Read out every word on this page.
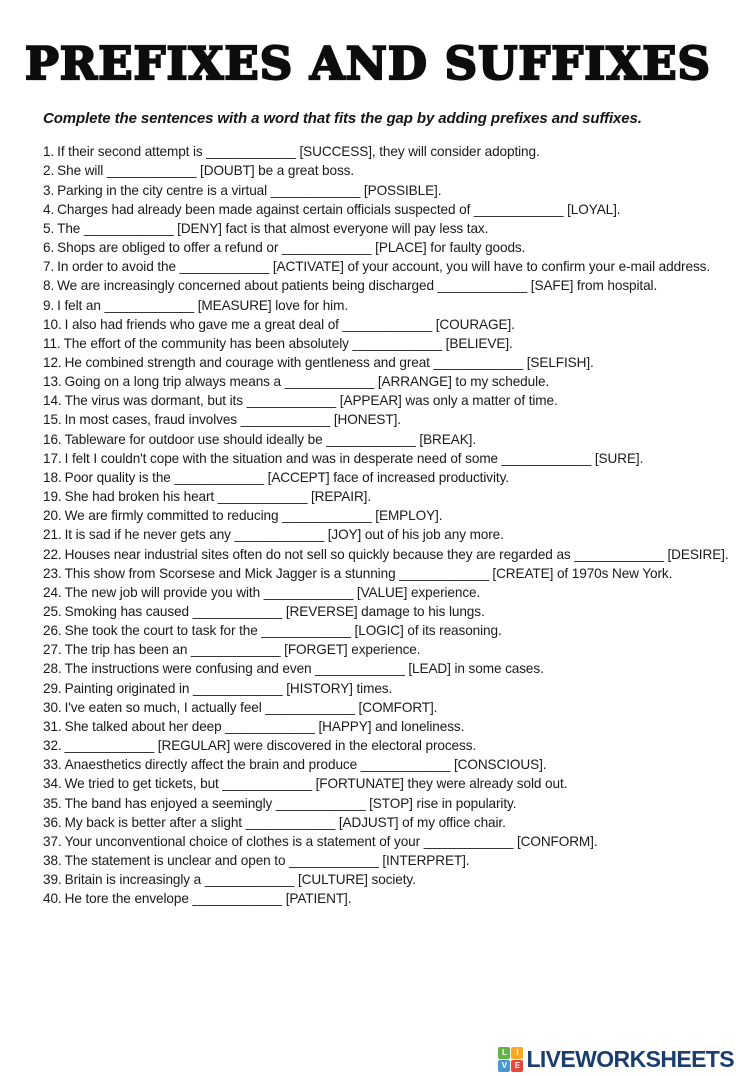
PREFIXES AND SUFFIXES

Complete the sentences with a word that fits the gap by adding prefixes and suffixes.

1. If their second attempt is ____________ [SUCCESS], they will consider adopting.
2. She will ____________ [DOUBT] be a great boss.
3. Parking in the city centre is a virtual ____________ [POSSIBLE].
4. Charges had already been made against certain officials suspected of ____________ [LOYAL].
5. The ____________ [DENY] fact is that almost everyone will pay less tax.
6. Shops are obliged to offer a refund or ____________ [PLACE] for faulty goods.
7. In order to avoid the ____________ [ACTIVATE] of your account, you will have to confirm your e-mail address.
8. We are increasingly concerned about patients being discharged ____________ [SAFE] from hospital.
9. I felt an ____________ [MEASURE] love for him.
10. I also had friends who gave me a great deal of ____________ [COURAGE].
11. The effort of the community has been absolutely ____________ [BELIEVE].
12. He combined strength and courage with gentleness and great ____________ [SELFISH].
13. Going on a long trip always means a ____________ [ARRANGE] to my schedule.
14. The virus was dormant, but its ____________ [APPEAR] was only a matter of time.
15. In most cases, fraud involves ____________ [HONEST].
16. Tableware for outdoor use should ideally be ____________ [BREAK].
17. I felt I couldn't cope with the situation and was in desperate need of some ____________ [SURE].
18. Poor quality is the ____________ [ACCEPT] face of increased productivity.
19. She had broken his heart ____________ [REPAIR].
20. We are firmly committed to reducing ____________ [EMPLOY].
21. It is sad if he never gets any ____________ [JOY] out of his job any more.
22. Houses near industrial sites often do not sell so quickly because they are regarded as ____________ [DESIRE].
23. This show from Scorsese and Mick Jagger is a stunning ____________ [CREATE] of 1970s New York.
24. The new job will provide you with ____________ [VALUE] experience.
25. Smoking has caused ____________ [REVERSE] damage to his lungs.
26. She took the court to task for the ____________ [LOGIC] of its reasoning.
27. The trip has been an ____________ [FORGET] experience.
28. The instructions were confusing and even ____________ [LEAD] in some cases.
29. Painting originated in ____________ [HISTORY] times.
30. I've eaten so much, I actually feel ____________ [COMFORT].
31. She talked about her deep ____________ [HAPPY] and loneliness.
32. ____________ [REGULAR] were discovered in the electoral process.
33. Anaesthetics directly affect the brain and produce ____________ [CONSCIOUS].
34. We tried to get tickets, but ____________ [FORTUNATE] they were already sold out.
35. The band has enjoyed a seemingly ____________ [STOP] rise in popularity.
36. My back is better after a slight ____________ [ADJUST] of my office chair.
37. Your unconventional choice of clothes is a statement of your ____________ [CONFORM].
38. The statement is unclear and open to ____________ [INTERPRET].
39. Britain is increasingly a ____________ [CULTURE] society.
40. He tore the envelope ____________ [PATIENT].
L	I
V E LIVEWORKSHEETS
